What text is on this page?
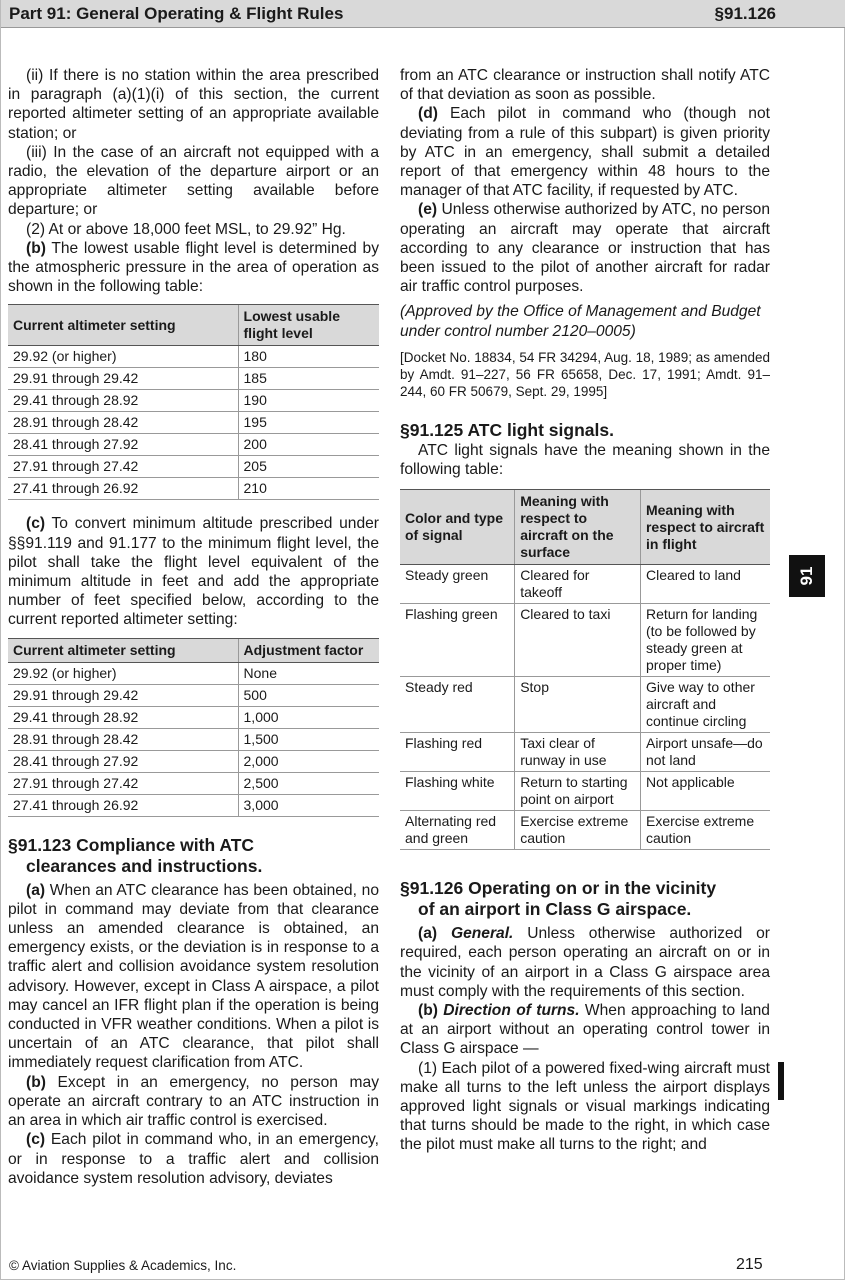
Part 91: General Operating & Flight Rules	§91.126

(ii) If there is no station within the area prescribed in paragraph (a)(1)(i) of this section, the current reported altimeter setting of an appropriate available station; or

(iii) In the case of an aircraft not equipped with a radio, the elevation of the departure airport or an appropriate altimeter setting available before departure; or

(2) At or above 18,000 feet MSL, to 29.92” Hg.

(b) The lowest usable flight level is determined by the atmospheric pressure in the area of operation as shown in the following table:

Current altimeter setting	Lowest usable flight level
29.92 (or higher)	180
29.91 through 29.42	185
29.41 through 28.92	190
28.91 through 28.42	195
28.41 through 27.92	200
27.91 through 27.42	205
27.41 through 26.92	210

(c) To convert minimum altitude prescribed under §§91.119 and 91.177 to the minimum flight level, the pilot shall take the flight level equivalent of the minimum altitude in feet and add the appropriate number of feet specified below, according to the current reported altimeter setting:

Current altimeter setting	Adjustment factor
29.92 (or higher)	None
29.91 through 29.42	500
29.41 through 28.92	1,000
28.91 through 28.42	1,500
28.41 through 27.92	2,000
27.91 through 27.42	2,500
27.41 through 26.92	3,000
§91.123 Compliance with ATC
clearances and instructions.

(a) When an ATC clearance has been obtained, no pilot in command may deviate from that clearance unless an amended clearance is obtained, an emergency exists, or the deviation is in response to a traffic alert and collision avoidance system resolution advisory. However, except in Class A airspace, a pilot may cancel an IFR flight plan if the operation is being conducted in VFR weather conditions. When a pilot is uncertain of an ATC clearance, that pilot shall immediately request clarification from ATC.

(b) Except in an emergency, no person may operate an aircraft contrary to an ATC instruction in an area in which air traffic control is exercised.

(c) Each pilot in command who, in an emergency, or in response to a traffic alert and collision avoidance system resolution advisory, deviates

from an ATC clearance or instruction shall notify ATC of that deviation as soon as possible.

(d) Each pilot in command who (though not deviating from a rule of this subpart) is given priority by ATC in an emergency, shall submit a detailed report of that emergency within 48 hours to the manager of that ATC facility, if requested by ATC.

(e) Unless otherwise authorized by ATC, no person operating an aircraft may operate that aircraft according to any clearance or instruction that has been issued to the pilot of another aircraft for radar air traffic control purposes.

(Approved by the Office of Management and Budget under control number 2120–0005)

[Docket No. 18834, 54 FR 34294, Aug. 18, 1989; as amended by Amdt. 91–227, 56 FR 65658, Dec. 17, 1991; Amdt. 91–244, 60 FR 50679, Sept. 29, 1995]

§91.125 ATC light signals.

ATC light signals have the meaning shown in the following table:

Color and type of signal	Meaning with respect to aircraft on the surface	Meaning with respect to aircraft in flight
Steady green	Cleared for takeoff	Cleared to land
Flashing green	Cleared to taxi	Return for landing (to be followed by steady green at proper time)
Steady red	Stop	Give way to other aircraft and continue circling
Flashing red	Taxi clear of runway in use	Airport unsafe—do not land
Flashing white	Return to starting point on airport	Not applicable
Alternating red and green	Exercise extreme caution	Exercise extreme caution
§91.126 Operating on or in the vicinity
of an airport in Class G airspace.

(a) General. Unless otherwise authorized or required, each person operating an aircraft on or in the vicinity of an airport in a Class G airspace area must comply with the requirements of this section.

(b) Direction of turns. When approaching to land at an airport without an operating control tower in Class G airspace —

(1) Each pilot of a powered fixed-wing aircraft must make all turns to the left unless the airport displays approved light signals or visual markings indicating that turns should be made to the right, in which case the pilot must make all turns to the right; and

91
© Aviation Supplies & Academics, Inc.	215
